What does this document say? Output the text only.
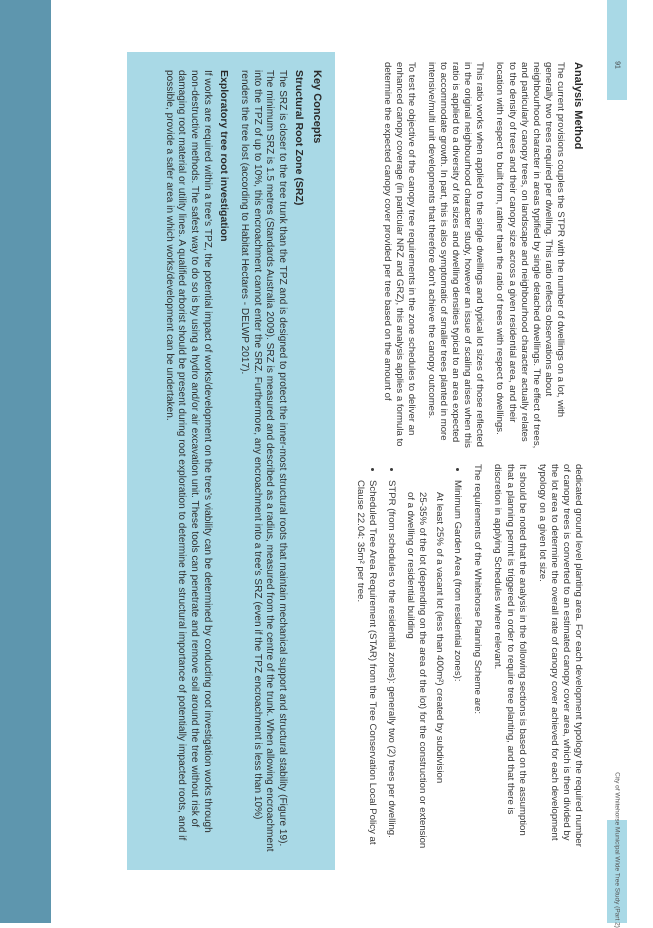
91
City of Whitehorse Municipal Wide Tree Study (Part 2)
Key Concepts
Structural Root Zone (SRZ)

The SRZ is closer to the tree trunk than the TPZ and is designed to protect the inner-most structural roots that maintain mechanical support and structural stability (Figure 19). The minimum SRZ is 1.5 metres (Standards Australia 2009). SRZ is measured and described as a radius, measured from the centre of the trunk. When allowing encroachment into the TPZ of up to 10%, this encroachment cannot enter the SRZ. Furthermore, any encroachment into a tree's SRZ (even if the TPZ encroachment is less than 10%) renders the tree lost (according to Habitat Hectares - DELWP 2017).

Exploratory tree root investigation

If works are required within a tree's TPZ, the potential impact of works/development on the tree's viability can be determined by conducting root investigation works through non-destructive methods. The safest way to do so is by using a hydro and/or air excavation unit. These tools can penetrate and remove soil around the tree without risk of damaging root material or utility lines. A qualified arborist should be present during root exploration to determine the structural importance of potentially impacted roots, and if possible, provide a safer area in which works/development can be undertaken.	Analysis Method

The current provisions couples the STPR with the number of dwellings on a lot, with generally two trees required per dwelling. This ratio reflects observations about neighbourhood character in areas typified by single detached dwellings. The effect of trees, and particularly canopy trees, on landscape and neighbourhood character actually relates to the density of trees and their canopy size across a given residential area, and their location with respect to built form, rather than the ratio of trees with respect to dwellings.

This ratio works when applied to the single dwellings and typical lot sizes of those reflected in the original neighbourhood character study, however an issue of scaling arises when this ratio is applied to a diversity of lot sizes and dwelling densities typical to an area expected to accommodate growth. In part, this is also symptomatic of smaller trees planted in more intensive/multi unit developments that therefore don't achieve the canopy outcomes.

To test the objective of the canopy tree requirements in the zone schedules to deliver an enhanced canopy coverage (in particular NRZ and GRZ), this analysis applies a formula to determine the expected canopy cover provided per tree based on the amount of

dedicated ground level planting area. For each development typology the required number of canopy trees is converted to an estimated canopy cover area, which is then divided by the lot area to determine the overall rate of canopy cover achieved for each development typology on a given lot size.

It should be noted that the analysis in the following sections is based on the assumption that a planning permit is triggered in order to require tree planting, and that there is discretion in applying Schedules where relevant.

The requirements of the Whitehorse Planning Scheme are:

• Minimum Garden Area (from residential zones):
At least 25% of a vacant lot (less than 400m²) created by subdivision
25-35% of the lot (depending on the area of the lot) for the construction or extension of a dwelling or residential building
• STPR (from schedules to the residential zones): generally two (2) trees per dwelling.
• Scheduled Tree Area Requirement (STAR) from the Tree Conservation Local Policy at Clause 22.04: 35m² per tree.
